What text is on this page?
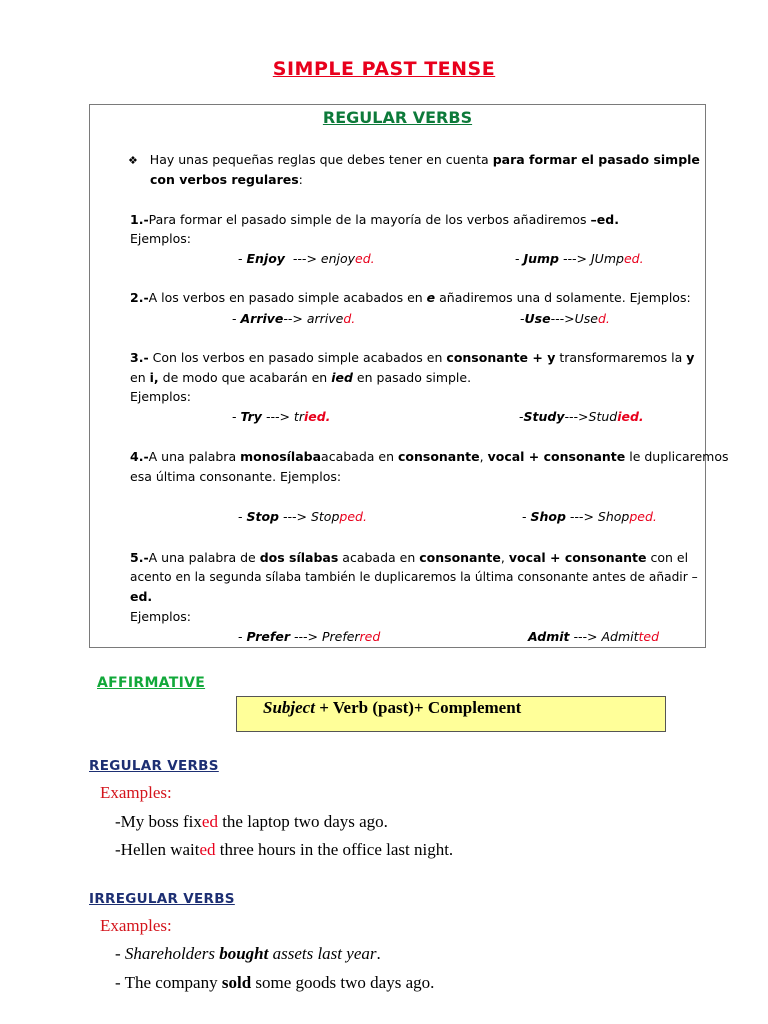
SIMPLE PAST TENSE
REGULAR VERBS
❖ Hay unas pequeñas reglas que debes tener en cuenta para formar el pasado simple
con verbos regulares:
1.-Para formar el pasado simple de la mayoría de los verbos añadiremos –ed.
Ejemplos:
- Enjoy ---> enjoyed.	- Jump ---> JUmped.
2.-A los verbos en pasado simple acabados en e añadiremos una d solamente. Ejemplos:
- Arrive--> arrived.	-Use--->Used.
3.- Con los verbos en pasado simple acabados en consonante + y transformaremos la y
en i, de modo que acabarán en ied en pasado simple.
Ejemplos:
- Try ---> tried.	-Study--->Studied.
4.-A una palabra monosílabaacabada en consonante, vocal + consonante le duplicaremos
esa última consonante. Ejemplos:
- Stop ---> Stopped.	- Shop ---> Shopped.
5.-A una palabra de dos sílabas acabada en consonante, vocal + consonante con el
acento en la segunda sílaba también le duplicaremos la última consonante antes de añadir –
ed.
Ejemplos:
- Prefer ---> Preferred	Admit ---> Admitted
AFFIRMATIVE
Subject + Verb (past)+ Complement
REGULAR VERBS
Examples:
-My boss fixed the laptop two days ago.
-Hellen waited three hours in the office last night.
IRREGULAR VERBS
Examples:
- Shareholders bought assets last year.
- The company sold some goods two days ago.
